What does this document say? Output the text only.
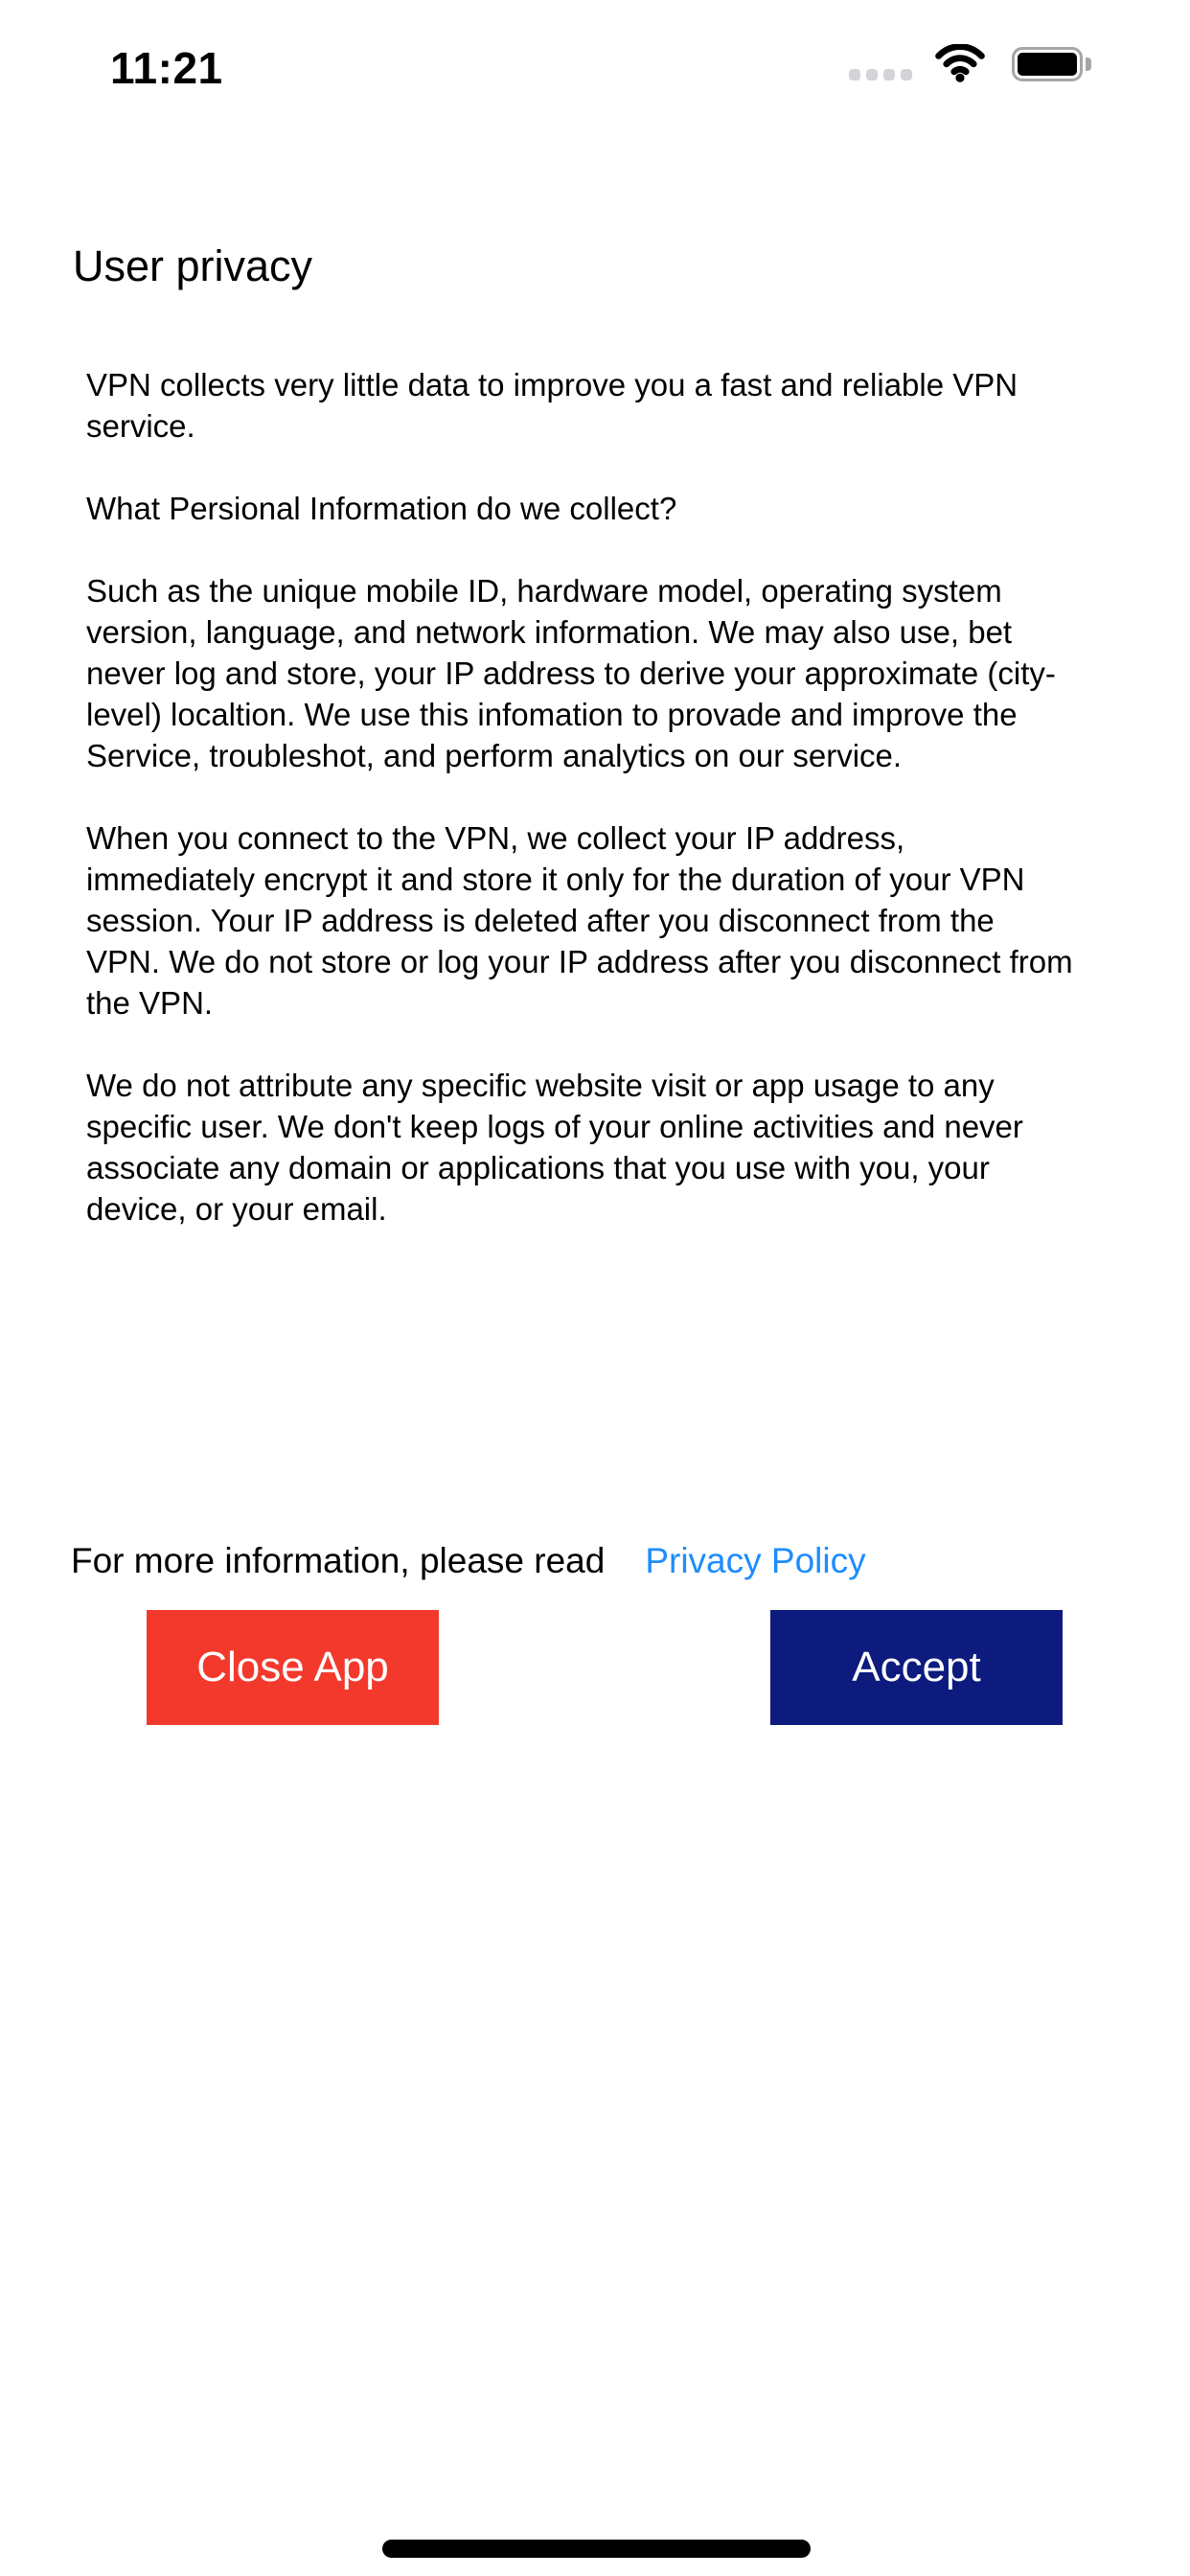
11:21
User privacy

VPN collects very little data to improve you a fast and reliable VPN service.

What Persional Information do we collect?

Such as the unique mobile ID, hardware model, operating system version, language, and network information. We may also use, bet never log and store, your IP address to derive your approximate (city-level) localtion. We use this infomation to provade and improve the Service, troubleshot, and perform analytics on our service.

When you connect to the VPN, we collect your IP address, immediately encrypt it and store it only for the duration of your VPN session. Your IP address is deleted after you disconnect from the VPN. We do not store or log your IP address after you disconnect from the VPN.

We do not attribute any specific website visit or app usage to any specific user. We don't keep logs of your online activities and never associate any domain or applications that you use with you, your device, or your email.

For more information, please read Privacy Policy
Close App	Accept
